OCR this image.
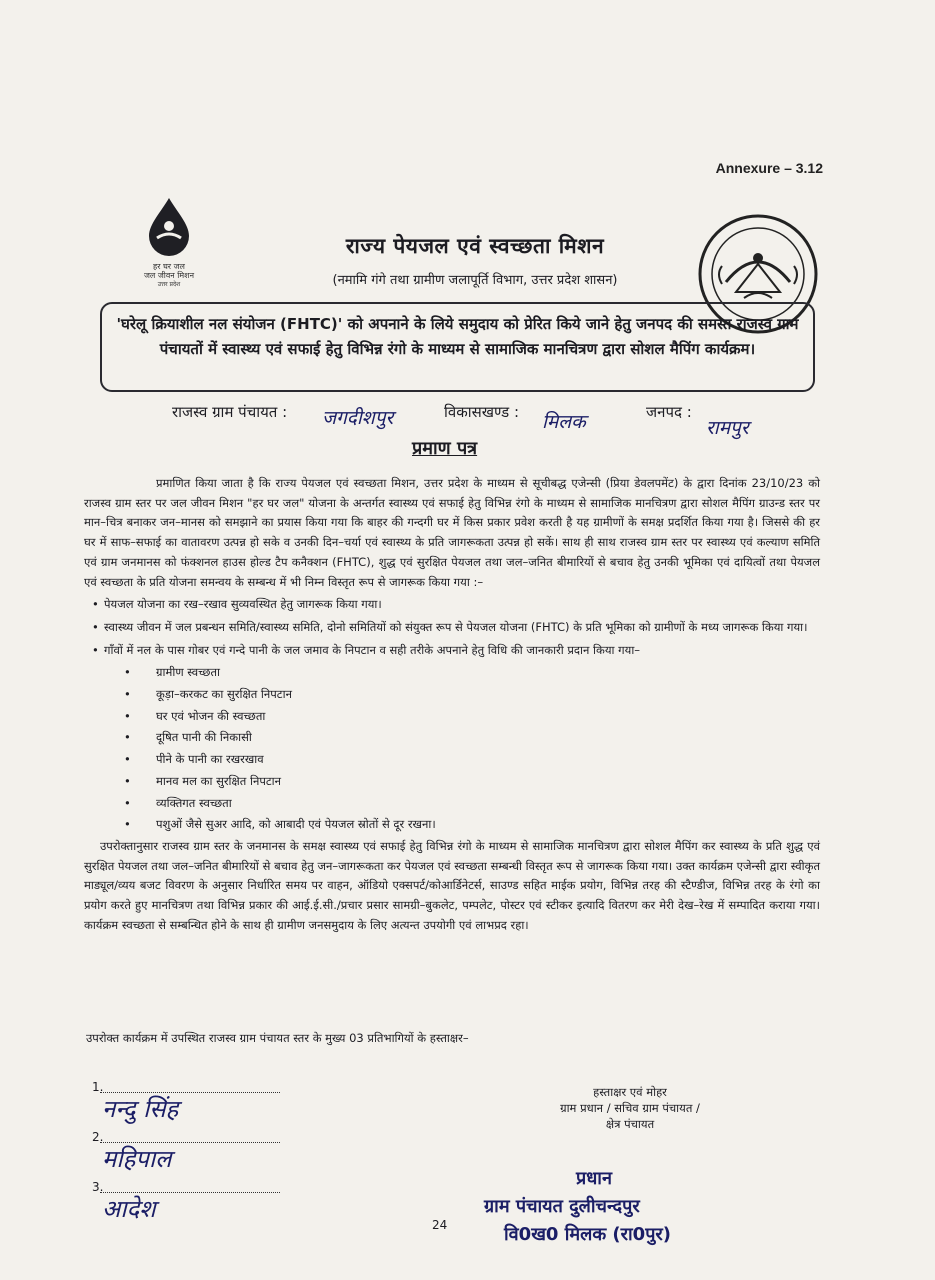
Annexure – 3.12
हर घर जल
जल जीवन मिशन
उत्तर प्रदेश
राज्य पेयजल एवं स्वच्छता मिशन
(नमामि गंगे तथा ग्रामीण जलापूर्ति विभाग, उत्तर प्रदेश शासन)
'घरेलू क्रियाशील नल संयोजन (FHTC)' को अपनाने के लिये समुदाय को प्रेरित किये जाने हेतु जनपद की समस्त राजस्व ग्राम पंचायतों में स्वास्थ्य एवं सफाई हेतु विभिन्न रंगो के माध्यम से सामाजिक मानचित्रण द्वारा सोशल मैपिंग कार्यक्रम।
राजस्व ग्राम पंचायत : जगदीशपुर	विकासखण्ड : मिलक	जनपद :
रामपुर
प्रमाण पत्र

प्रमाणित किया जाता है कि राज्य पेयजल एवं स्वच्छता मिशन, उत्तर प्रदेश के माध्यम से सूचीबद्ध एजेन्सी (प्रिया डेवलपमेंट) के द्वारा दिनांक 23/10/23 को राजस्व ग्राम स्तर पर जल जीवन मिशन "हर घर जल" योजना के अन्तर्गत स्वास्थ्य एवं सफाई हेतु विभिन्न रंगो के माध्यम से सामाजिक मानचित्रण द्वारा सोशल मैपिंग ग्राउन्ड स्तर पर मान–चित्र बनाकर जन–मानस को समझाने का प्रयास किया गया कि बाहर की गन्दगी घर में किस प्रकार प्रवेश करती है यह ग्रामीणों के समक्ष प्रदर्शित किया गया है। जिससे की हर घर में साफ–सफाई का वातावरण उत्पन्न हो सके व उनकी दिन–चर्या एवं स्वास्थ्य के प्रति जागरूकता उत्पन्न हो सकें। साथ ही साथ राजस्व ग्राम स्तर पर स्वास्थ्य एवं कल्याण समिति एवं ग्राम जनमानस को फंक्शनल हाउस होल्ड टैप कनैक्शन (FHTC), शुद्ध एवं सुरक्षित पेयजल तथा जल–जनित बीमारियों से बचाव हेतु उनकी भूमिका एवं दायित्वों तथा पेयजल एवं स्वच्छता के प्रति योजना समन्वय के सम्बन्ध में भी निम्न विस्तृत रूप से जागरूक किया गया :–

• पेयजल योजना का रख–रखाव सुव्यवस्थित हेतु जागरूक किया गया।
• स्वास्थ्य जीवन में जल प्रबन्धन समिति/स्वास्थ्य समिति, दोनो समितियों को संयुक्त रूप से पेयजल योजना (FHTC) के प्रति भूमिका को ग्रामीणों के मध्य जागरूक किया गया।
• गाँवों में नल के पास गोबर एवं गन्दे पानी के जल जमाव के निपटान व सही तरीके अपनाने हेतु विधि की जानकारी प्रदान किया गया–
• ग्रामीण स्वच्छता
• कूड़ा–करकट का सुरक्षित निपटान
• घर एवं भोजन की स्वच्छता
• दूषित पानी की निकासी
• पीने के पानी का रखरखाव
• मानव मल का सुरक्षित निपटान
• व्यक्तिगत स्वच्छता
• पशुओं जैसे सुअर आदि, को आबादी एवं पेयजल स्रोतों से दूर रखना।

उपरोक्तानुसार राजस्व ग्राम स्तर के जनमानस के समक्ष स्वास्थ्य एवं सफाई हेतु विभिन्न रंगो के माध्यम से सामाजिक मानचित्रण द्वारा सोशल मैपिंग कर स्वास्थ्य के प्रति शुद्ध एवं सुरक्षित पेयजल तथा जल–जनित बीमारियों से बचाव हेतु जन–जागरूकता कर पेयजल एवं स्वच्छता सम्बन्धी विस्तृत रूप से जागरूक किया गया। उक्त कार्यक्रम एजेन्सी द्वारा स्वीकृत माड्यूल/व्यय बजट विवरण के अनुसार निर्धारित समय पर वाहन, ऑडियो एक्सपर्ट/कोआर्डिनेटर्स, साउण्ड सहित माईक प्रयोग, विभिन्न तरह की स्टैण्डीज, विभिन्न तरह के रंगो का प्रयोग करते हुए मानचित्रण तथा विभिन्न प्रकार की आई.ई.सी./प्रचार प्रसार सामग्री–बुकलेट, पम्पलेट, पोस्टर एवं स्टीकर इत्यादि वितरण कर मेरी देख–रेख में सम्पादित कराया गया। कार्यक्रम स्वच्छता से सम्बन्धित होने के साथ ही ग्रामीण जनसमुदाय के लिए अत्यन्त उपयोगी एवं लाभप्रद रहा।

उपरोक्त कार्यक्रम में उपस्थित राजस्व ग्राम पंचायत स्तर के मुख्य 03 प्रतिभागियों के हस्ताक्षर–
1.
नन्दु सिंह
2.
महिपाल
3.
आदेश
हस्ताक्षर एवं मोहर
ग्राम प्रधान / सचिव ग्राम पंचायत /
क्षेत्र पंचायत
प्रधान
ग्राम पंचायत दुलीचन्दपुर
वि0ख0 मिलक (रा0पुर)
24
